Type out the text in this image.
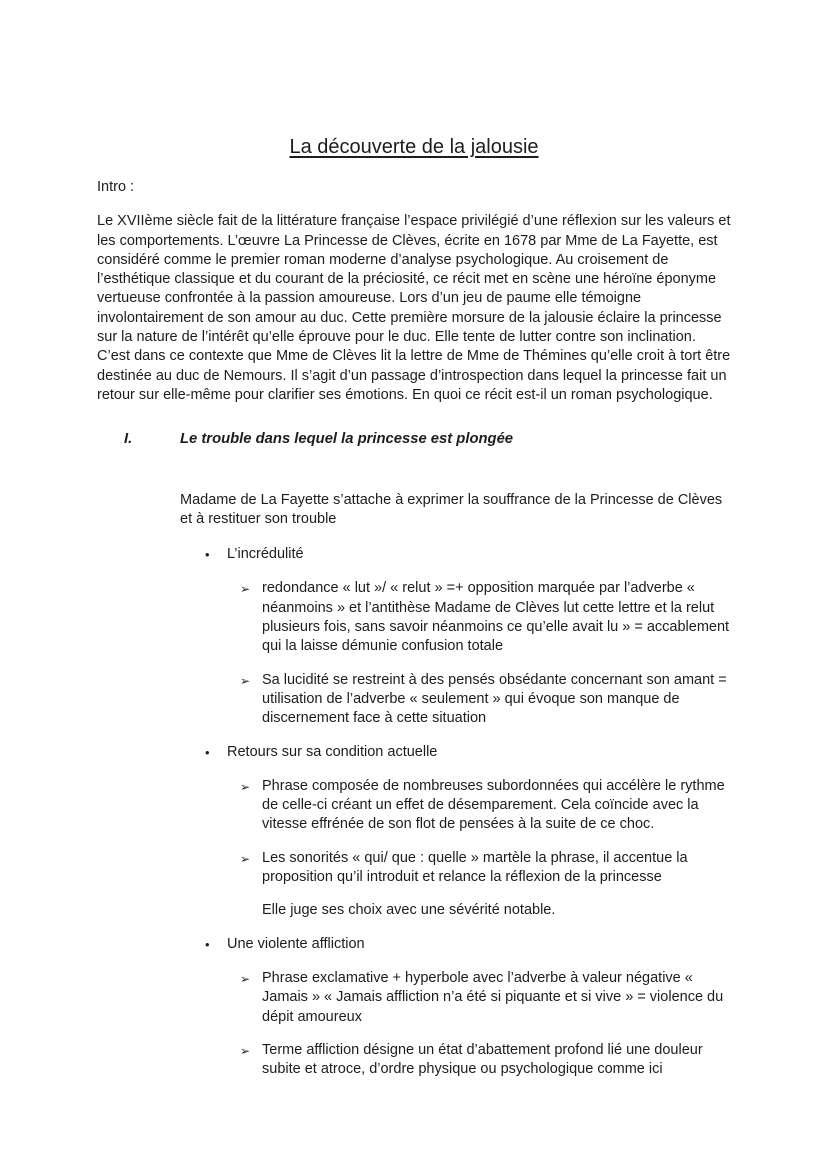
La découverte de la jalousie

Intro :

Le XVIIème siècle fait de la littérature française l’espace privilégié d’une réflexion sur les valeurs et les comportements. L’œuvre La Princesse de Clèves, écrite en 1678 par Mme de La Fayette, est considéré comme le premier roman moderne d’analyse psychologique. Au croisement de l’esthétique classique et du courant de la préciosité, ce récit met en scène une héroïne éponyme vertueuse confrontée à la passion amoureuse. Lors d’un jeu de paume elle témoigne involontairement de son amour au duc. Cette première morsure de la jalousie éclaire la princesse sur la nature de l’intérêt qu’elle éprouve pour le duc. Elle tente de lutter contre son inclination. C’est dans ce contexte que Mme de Clèves lit la lettre de Mme de Thémines qu’elle croit à tort être destinée au duc de Nemours. Il s’agit d’un passage d’introspection dans lequel la princesse fait un retour sur elle-même pour clarifier ses émotions. En quoi ce récit est-il un roman psychologique.

I.	Le trouble dans lequel la princesse est plongée

Madame de La Fayette s’attache à exprimer la souffrance de la Princesse de Clèves et à restituer son trouble

•	L’incrédulité
➢ redondance « lut »/ « relut » =+ opposition marquée par l’adverbe « néanmoins » et l’antithèse Madame de Clèves lut cette lettre et la relut plusieurs fois, sans savoir néanmoins ce qu’elle avait lu » = accablement qui la laisse démunie confusion totale
➢ Sa lucidité se restreint à des pensés obsédante concernant son amant = utilisation de l’adverbe « seulement » qui évoque son manque de discernement face à cette situation
•	Retours sur sa condition actuelle
➢ Phrase composée de nombreuses subordonnées qui accélère le rythme de celle-ci créant un effet de désemparement. Cela coïncide avec la vitesse effrénée de son flot de pensées à la suite de ce choc.
➢ Les sonorités « qui/ que : quelle » martèle la phrase, il accentue la proposition qu’il introduit et relance la réflexion de la princesse

Elle juge ses choix avec une sévérité notable.

•	Une violente affliction
➢ Phrase exclamative + hyperbole avec l’adverbe à valeur négative « Jamais » « Jamais affliction n’a été si piquante et si vive » = violence du dépit amoureux
➢ Terme affliction désigne un état d’abattement profond lié une douleur subite et atroce, d’ordre physique ou psychologique comme ici
